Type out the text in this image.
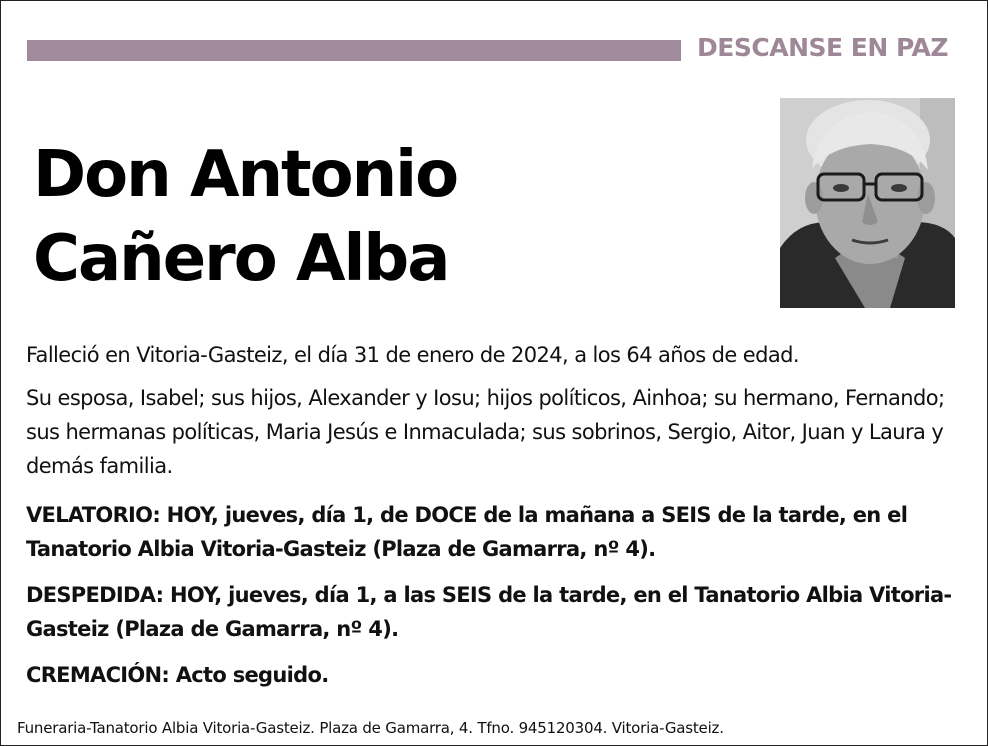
DESCANSE EN PAZ
Don Antonio
Cañero Alba
Falleció en Vitoria-Gasteiz, el día 31 de enero de 2024, a los 64 años de edad.
Su esposa, Isabel; sus hijos, Alexander y Iosu; hijos políticos, Ainhoa; su hermano, Fernando; sus hermanas políticas, Maria Jesús e Inmaculada; sus sobrinos, Sergio, Aitor, Juan y Laura y demás familia.
VELATORIO: HOY, jueves, día 1, de DOCE de la mañana a SEIS de la tarde, en el Tanatorio Albia Vitoria-Gasteiz (Plaza de Gamarra, nº 4).
DESPEDIDA: HOY, jueves, día 1, a las SEIS de la tarde, en el Tanatorio Albia Vitoria-Gasteiz (Plaza de Gamarra, nº 4).
CREMACIÓN: Acto seguido.
Funeraria-Tanatorio Albia Vitoria-Gasteiz. Plaza de Gamarra, 4. Tfno. 945120304. Vitoria-Gasteiz.
